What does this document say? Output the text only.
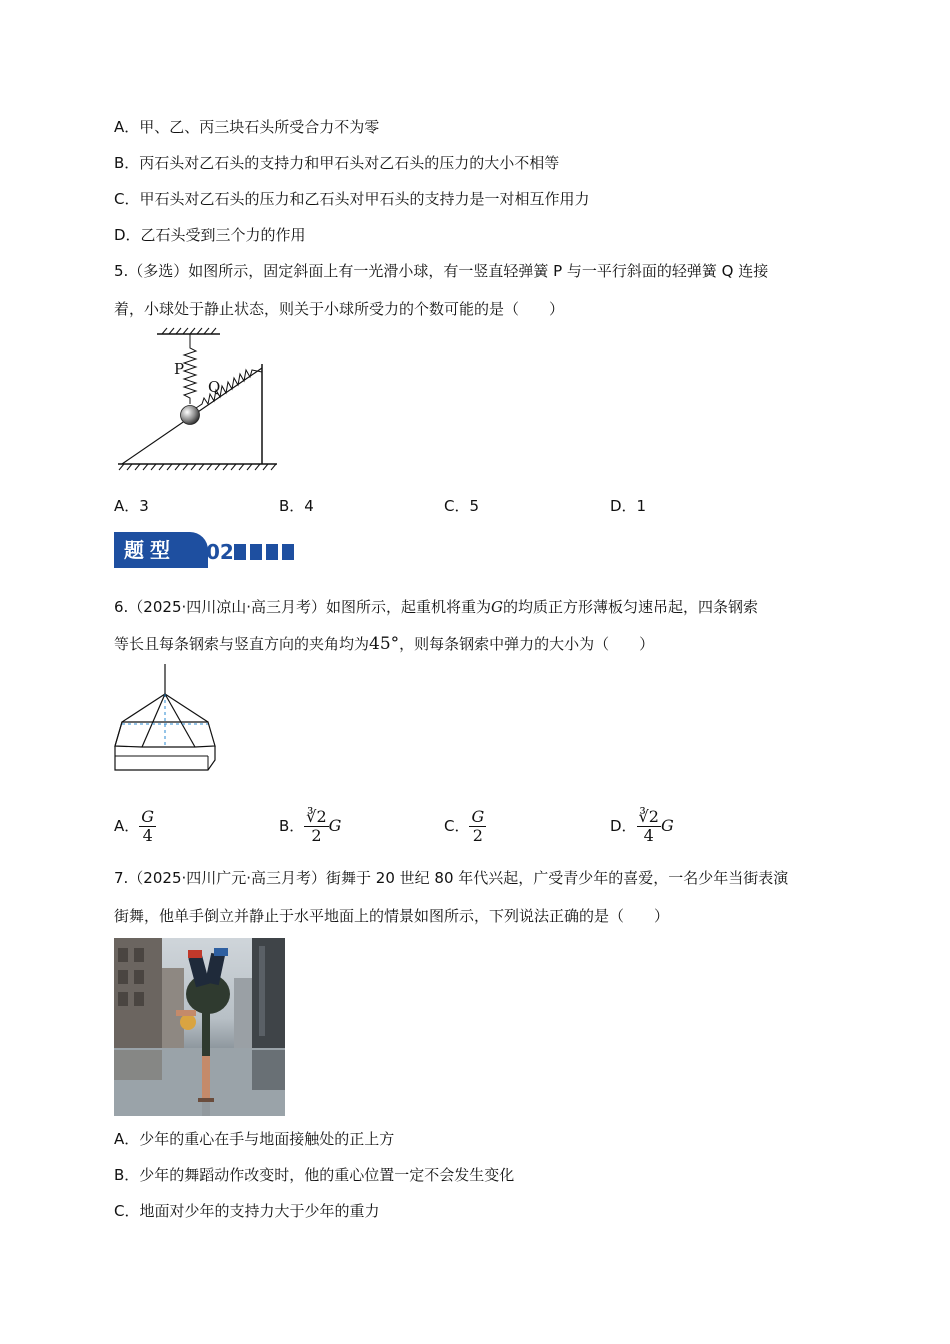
A．甲、乙、丙三块石头所受合力不为零
B．丙石头对乙石头的支持力和甲石头对乙石头的压力的大小不相等
C．甲石头对乙石头的压力和乙石头对甲石头的支持力是一对相互作用力
D．乙石头受到三个力的作用
5.（多选）如图所示，固定斜面上有一光滑小球，有一竖直轻弹簧 P 与一平行斜面的轻弹簧 Q 连接
着，小球处于静止状态，则关于小球所受力的个数可能的是（　　）
P
Q
A．3	B．4	C．5	D．1
题型 02
6.（2025·四川凉山·高三月考）如图所示，起重机将重为G的均质正方形薄板匀速吊起，四条钢索
等长且每条钢索与竖直方向的夹角均为45°，则每条钢索中弹力的大小为（　　）
A． $\frac{G}{4}$	B． $\frac{∛2}{2}$ G	C． $\frac{G}{2}$	D． $\frac{∛2}{4}$ G
7.（2025·四川广元·高三月考）街舞于 20 世纪 80 年代兴起，广受青少年的喜爱，一名少年当街表演
街舞，他单手倒立并静止于水平地面上的情景如图所示，下列说法正确的是（　　）
A．少年的重心在手与地面接触处的正上方
B．少年的舞蹈动作改变时，他的重心位置一定不会发生变化
C．地面对少年的支持力大于少年的重力
